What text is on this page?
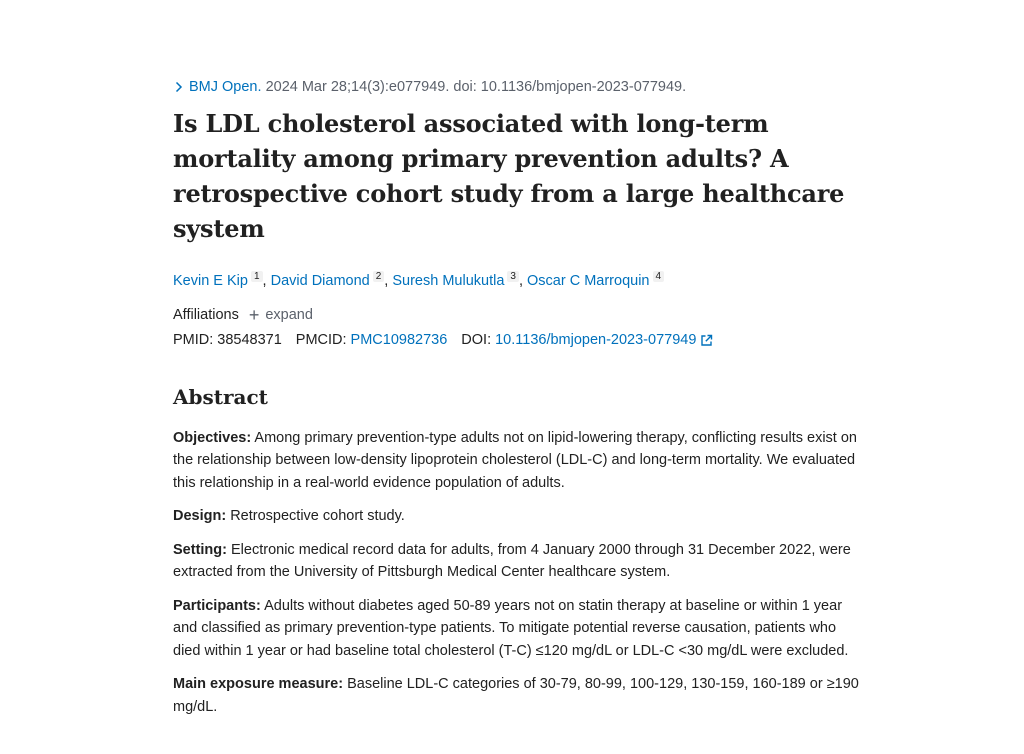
BMJ Open.
2024 Mar 28;14(3):e077949. doi: 10.1136/bmjopen-2023-077949.
Is LDL cholesterol associated with long-term mortality among primary prevention adults? A retrospective cohort study from a large healthcare system
Kevin E Kip $^1$ , David Diamond $^2$ , Suresh Mulukutla $^3$ , Oscar C Marroquin $^4$
Affiliations + expand
PMID: 38548371 PMCID: PMC10982736 DOI: 10.1136/bmjopen-2023-077949
Abstract

Objectives: Among primary prevention-type adults not on lipid-lowering therapy, conflicting results exist on the relationship between low-density lipoprotein cholesterol (LDL-C) and long-term mortality. We evaluated this relationship in a real-world evidence population of adults.

Design: Retrospective cohort study.

Setting: Electronic medical record data for adults, from 4 January 2000 through 31 December 2022, were extracted from the University of Pittsburgh Medical Center healthcare system.

Participants: Adults without diabetes aged 50-89 years not on statin therapy at baseline or within 1 year and classified as primary prevention-type patients. To mitigate potential reverse causation, patients who died within 1 year or had baseline total cholesterol (T-C) ≤120 mg/dL or LDL-C <30 mg/dL were excluded.

Main exposure measure: Baseline LDL-C categories of 30-79, 80-99, 100-129, 130-159, 160-189 or ≥190 mg/dL.
